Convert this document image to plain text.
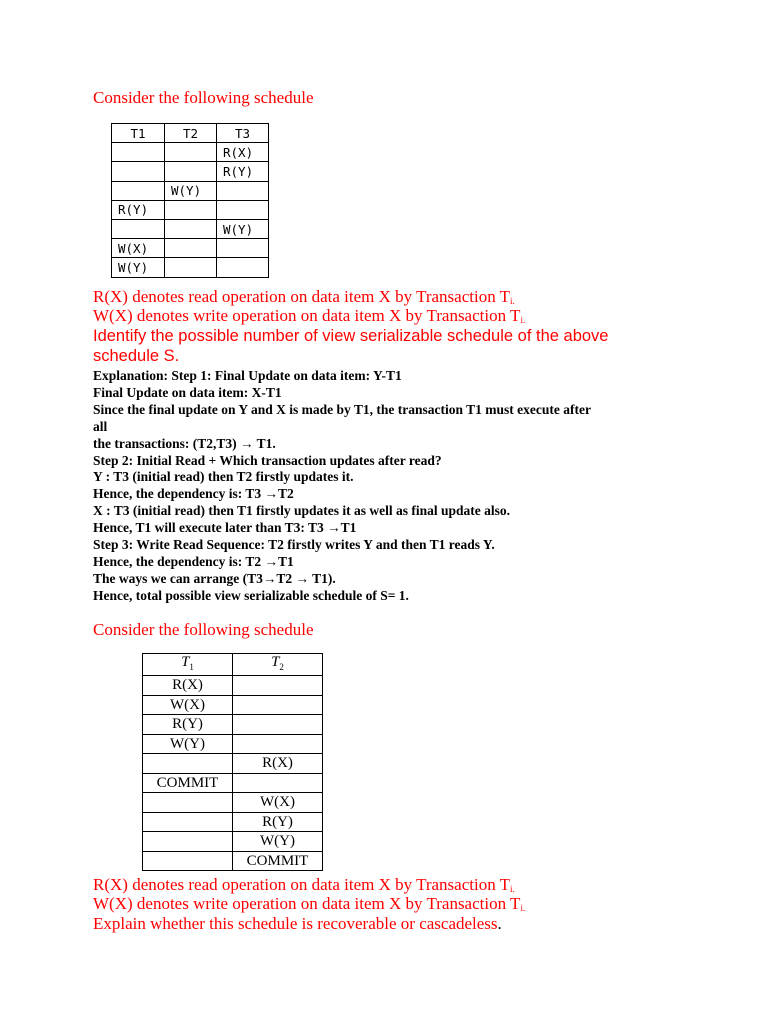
Consider the following schedule
T1	T2	T3
		R(X)
		R(Y)
	W(Y)	
R(Y)		
		W(Y)
W(X)		
W(Y)		
R(X) denotes read operation on data item X by Transaction $T_{i.}$
W(X) denotes write operation on data item X by Transaction $T_{i.}$
Identify the possible number of view serializable schedule of the above
schedule S.
Explanation: Step 1: Final Update on data item: Y-T1
Final Update on data item: X-T1
Since the final update on Y and X is made by T1, the transaction T1 must execute after
all
the transactions: (T2,T3) → T1.
Step 2: Initial Read + Which transaction updates after read?
Y : T3 (initial read) then T2 firstly updates it.
Hence, the dependency is: T3 →T2
X : T3 (initial read) then T1 firstly updates it as well as final update also.
Hence, T1 will execute later than T3: T3 →T1
Step 3: Write Read Sequence: T2 firstly writes Y and then T1 reads Y.
Hence, the dependency is: T2 →T1
The ways we can arrange (T3→T2 → T1).
Hence, total possible view serializable schedule of S= 1.
Consider the following schedule
$T_1$	$T_2$
R(X)	
W(X)	
R(Y)	
W(Y)	
	R(X)
COMMIT	
	W(X)
	R(Y)
	W(Y)
	COMMIT
R(X) denotes read operation on data item X by Transaction $T_{i.}$
W(X) denotes write operation on data item X by Transaction $T_{i.}$
Explain whether this schedule is recoverable or cascadeless.
